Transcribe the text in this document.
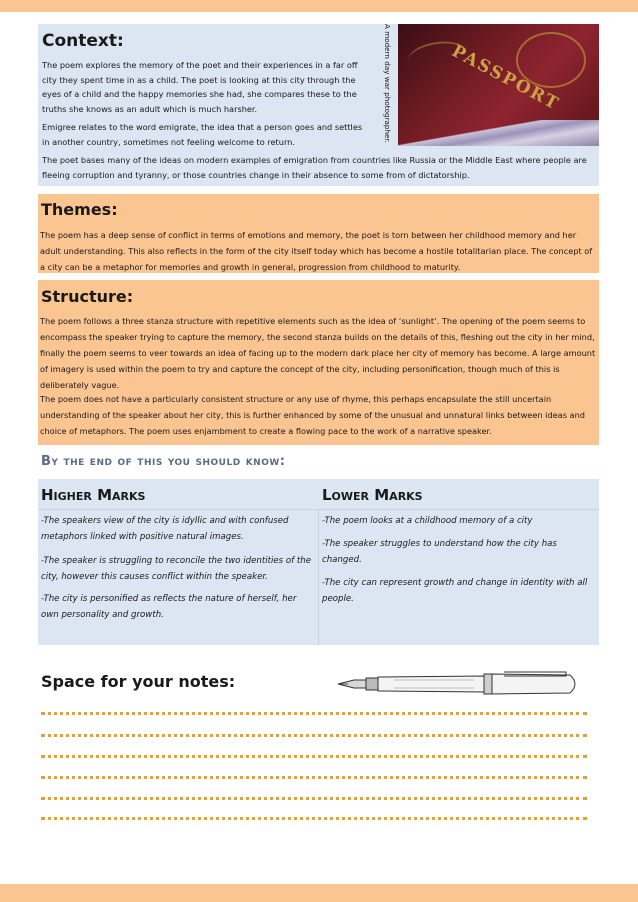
Context:

The poem explores the memory of the poet and their experiences in a far off city they spent time in as a child. The poet is looking at this city through the eyes of a child and the happy memories she had, she compares these to the truths she knows as an adult which is much harsher.

Emigree relates to the word emigrate, the idea that a person goes and settles in another country, sometimes not feeling welcome to return.

The poet bases many of the ideas on modern examples of emigration from countries like Russia or the Middle East where people are fleeing corruption and tyranny, or those countries change in their absence to some from of dictatorship.

A modern day war photographer.	PASSPORT
Themes:

The poem has a deep sense of conflict in terms of emotions and memory, the poet is torn between her childhood memory and her adult understanding. This also reflects in the form of the city itself today which has become a hostile totalitarian place. The concept of a city can be a metaphor for memories and growth in general, progression from childhood to maturity.

Structure:

The poem follows a three stanza structure with repetitive elements such as the idea of ‘sunlight’. The opening of the poem seems to encompass the speaker trying to capture the memory, the second stanza builds on the details of this, fleshing out the city in her mind, finally the poem seems to veer towards an idea of facing up to the modern dark place her city of memory has become. A large amount of imagery is used within the poem to try and capture the concept of the city, including personification, though much of this is deliberately vague.

The poem does not have a particularly consistent structure or any use of rhyme, this perhaps encapsulate the still uncertain understanding of the speaker about her city, this is further enhanced by some of the unusual and unnatural links between ideas and choice of metaphors. The poem uses enjambment to create a flowing pace to the work of a narrative speaker.

By the end of this you should know:
Higher Marks	Lower Marks

-The speakers view of the city is idyllic and with confused metaphors linked with positive natural images.

-The speaker is struggling to reconcile the two identities of the city, however this causes conflict within the speaker.

-The city is personified as reflects the nature of herself, her own personality and growth.

-The poem looks at a childhood memory of a city

-The speaker struggles to understand how the city has changed.

-The city can represent growth and change in identity with all people.

Space for your notes:
